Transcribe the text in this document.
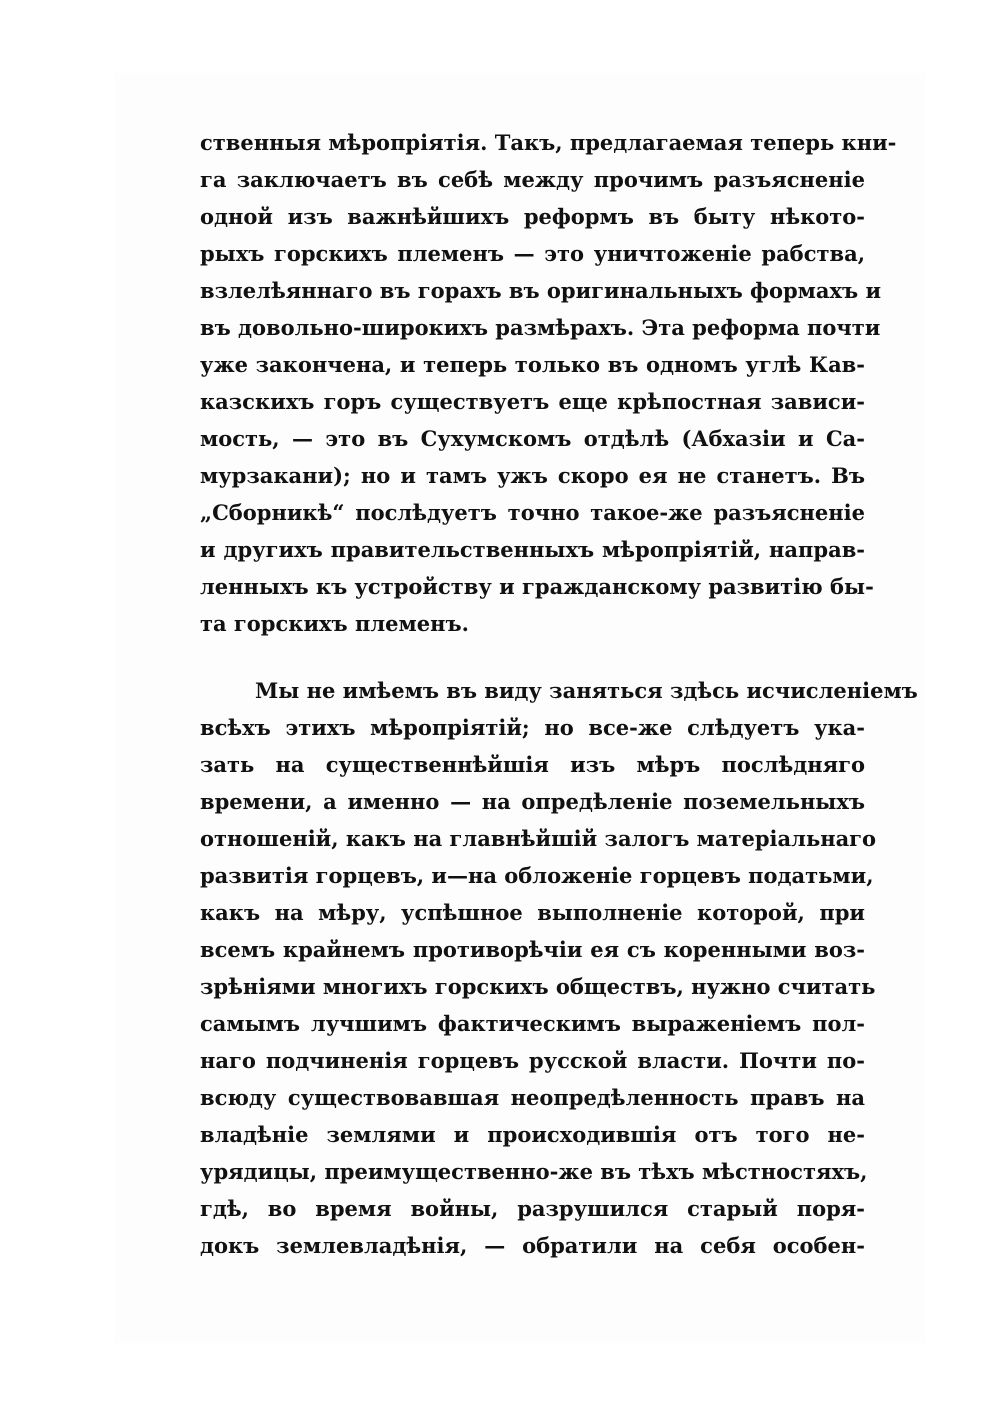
ственныя мѣропріятія. Такъ, предлагаемая теперь кни-
га заключаетъ въ себѣ между прочимъ разъясненіе
одной изъ важнѣйшихъ реформъ въ быту нѣкото-
рыхъ горскихъ племенъ — это уничтоженіе рабства,
взлелѣяннаго въ горахъ въ оригинальныхъ формахъ и
въ довольно-широкихъ размѣрахъ. Эта реформа почти
уже закончена, и теперь только въ одномъ углѣ Кав-
казскихъ горъ существуетъ еще крѣпостная зависи-
мость, — это въ Сухумскомъ отдѣлѣ (Абхазіи и Са-
мурзакани); но и тамъ ужъ скоро ея не станетъ. Въ
„Сборникѣ“ послѣдуетъ точно такое-же разъясненіе
и другихъ правительственныхъ мѣропріятій, направ-
ленныхъ къ устройству и гражданскому развитію бы-
та горскихъ племенъ.
Мы не имѣемъ въ виду заняться здѣсь исчисленіемъ
всѣхъ этихъ мѣропріятій; но все-же слѣдуетъ ука-
зать на существеннѣйшія изъ мѣръ послѣдняго
времени, а именно — на опредѣленіе поземельныхъ
отношеній, какъ на главнѣйшій залогъ матеріальнаго
развитія горцевъ, и—на обложеніе горцевъ податьми,
какъ на мѣру, успѣшное выполненіе которой, при
всемъ крайнемъ противорѣчіи ея съ коренными воз-
зрѣніями многихъ горскихъ обществъ, нужно считать
самымъ лучшимъ фактическимъ выраженіемъ пол-
наго подчиненія горцевъ русской власти. Почти по-
всюду существовавшая неопредѣленность правъ на
владѣніе землями и происходившія отъ того не-
урядицы, преимущественно-же въ тѣхъ мѣстностяхъ,
гдѣ, во время войны, разрушился старый поря-
докъ землевладѣнія, — обратили на себя особен-
